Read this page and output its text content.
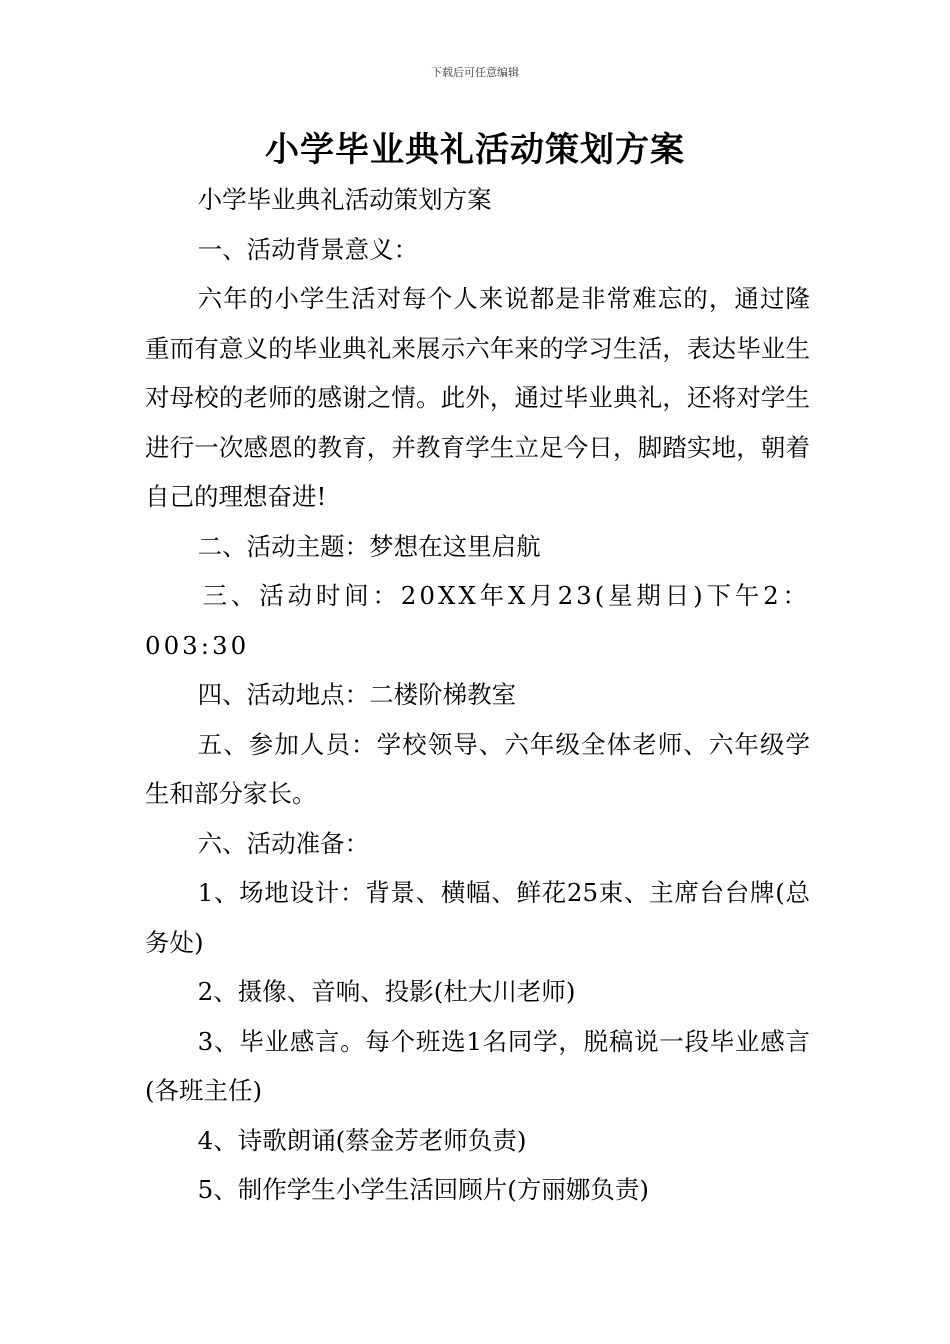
下载后可任意编辑
小学毕业典礼活动策划方案

小学毕业典礼活动策划方案

一、活动背景意义：

六年的小学生活对每个人来说都是非常难忘的，通过隆重而有意义的毕业典礼来展示六年来的学习生活，表达毕业生对母校的老师的感谢之情。此外，通过毕业典礼，还将对学生进行一次感恩的教育，并教育学生立足今日，脚踏实地，朝着自己的理想奋进!

二、活动主题：梦想在这里启航

三、活动时间：20XX年X月23(星期日)下午2：003:30

四、活动地点：二楼阶梯教室

五、参加人员：学校领导、六年级全体老师、六年级学生和部分家长。

六、活动准备：

1、场地设计：背景、横幅、鲜花25束、主席台台牌(总务处)

2、摄像、音响、投影(杜大川老师)

3、毕业感言。每个班选1名同学，脱稿说一段毕业感言(各班主任)

4、诗歌朗诵(蔡金芳老师负责)

5、制作学生小学生活回顾片(方丽娜负责)
